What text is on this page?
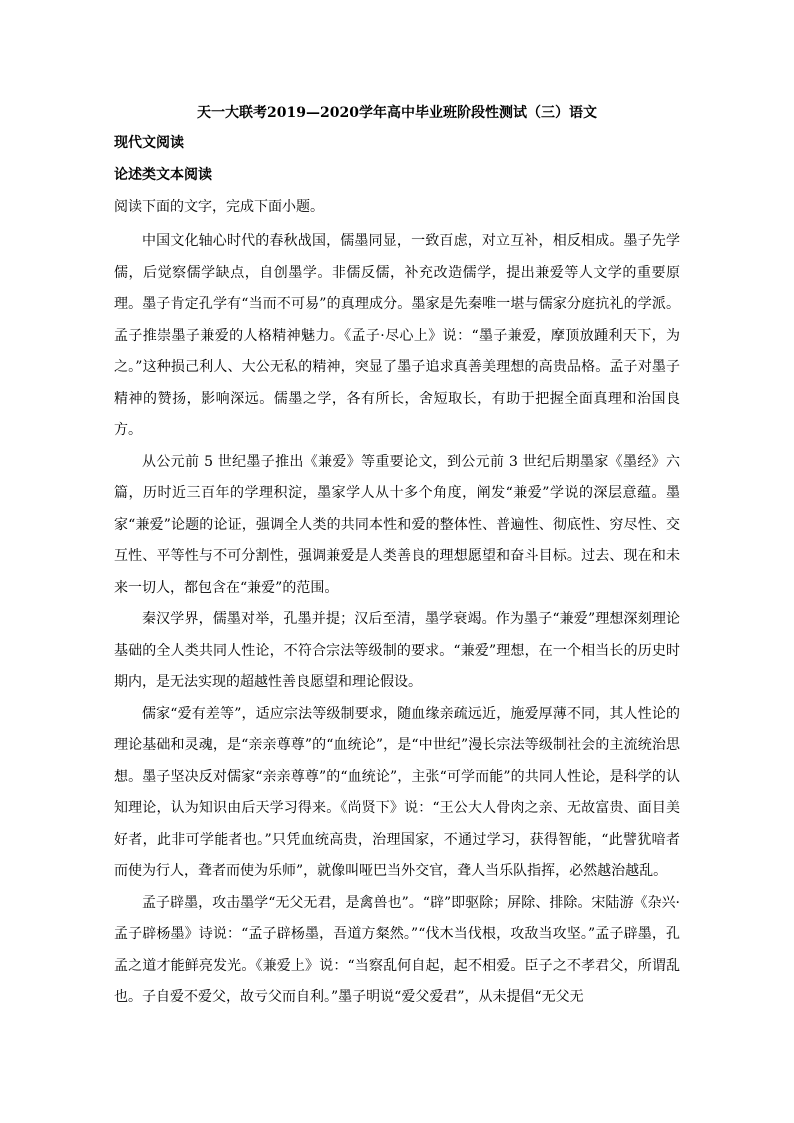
天一大联考2019—2020学年高中毕业班阶段性测试（三）语文
现代文阅读
论述类文本阅读

阅读下面的文字，完成下面小题。

中国文化轴心时代的春秋战国，儒墨同显，一致百虑，对立互补，相反相成。墨子先学儒，后觉察儒学缺点，自创墨学。非儒反儒，补充改造儒学，提出兼爱等人文学的重要原理。墨子肯定孔学有“当而不可易”的真理成分。墨家是先秦唯一堪与儒家分庭抗礼的学派。孟子推崇墨子兼爱的人格精神魅力。《孟子·尽心上》说：“墨子兼爱，摩顶放踵利天下，为之。”这种损己利人、大公无私的精神，突显了墨子追求真善美理想的高贵品格。孟子对墨子精神的赞扬，影响深远。儒墨之学，各有所长，舍短取长，有助于把握全面真理和治国良方。

从公元前 5 世纪墨子推出《兼爱》等重要论文，到公元前 3 世纪后期墨家《墨经》六篇，历时近三百年的学理积淀，墨家学人从十多个角度，阐发“兼爱”学说的深层意蕴。墨家“兼爱”论题的论证，强调全人类的共同本性和爱的整体性、普遍性、彻底性、穷尽性、交互性、平等性与不可分割性，强调兼爱是人类善良的理想愿望和奋斗目标。过去、现在和未来一切人，都包含在“兼爱”的范围。

秦汉学界，儒墨对举，孔墨并提；汉后至清，墨学衰竭。作为墨子“兼爱”理想深刻理论基础的全人类共同人性论，不符合宗法等级制的要求。“兼爱”理想，在一个相当长的历史时期内，是无法实现的超越性善良愿望和理论假设。

儒家“爱有差等”，适应宗法等级制要求，随血缘亲疏远近，施爱厚薄不同，其人性论的理论基础和灵魂，是“亲亲尊尊”的“血统论”，是“中世纪”漫长宗法等级制社会的主流统治思想。墨子坚决反对儒家“亲亲尊尊”的“血统论”，主张“可学而能”的共同人性论，是科学的认知理论，认为知识由后天学习得来。《尚贤下》说：“王公大人骨肉之亲、无故富贵、面目美好者，此非可学能者也。”只凭血统高贵，治理国家，不通过学习，获得智能，“此譬犹喑者而使为行人，聋者而使为乐师”，就像叫哑巴当外交官，聋人当乐队指挥，必然越治越乱。

孟子辟墨，攻击墨学“无父无君，是禽兽也”。“辟”即驱除；屏除、排除。宋陆游《杂兴·孟子辟杨墨》诗说：“孟子辟杨墨，吾道方粲然。”“伐木当伐根，攻敌当攻坚。”孟子辟墨，孔孟之道才能鲜亮发光。《兼爱上》说：“当察乱何自起，起不相爱。臣子之不孝君父，所谓乱也。子自爱不爱父，故亏父而自利。”墨子明说“爱父爱君”，从未提倡“无父无
